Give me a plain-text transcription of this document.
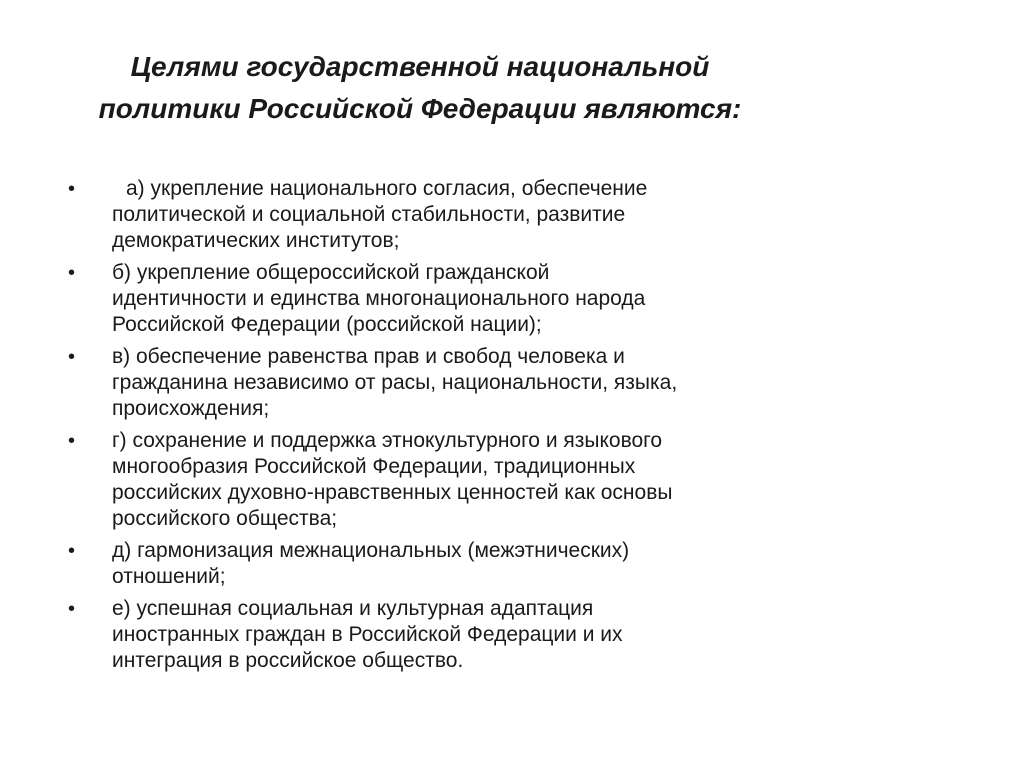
Целями государственной национальной
политики Российской Федерации являются:
•	а) укрепление национального согласия, обеспечение
политической и социальной стабильности, развитие
демократических институтов;
•	б) укрепление общероссийской гражданской
идентичности и единства многонационального народа
Российской Федерации (российской нации);
•	в) обеспечение равенства прав и свобод человека и
гражданина независимо от расы, национальности, языка,
происхождения;
•	г) сохранение и поддержка этнокультурного и языкового
многообразия Российской Федерации, традиционных
российских духовно-нравственных ценностей как основы
российского общества;
•	д) гармонизация межнациональных (межэтнических)
отношений;
•	е) успешная социальная и культурная адаптация
иностранных граждан в Российской Федерации и их
интеграция в российское общество.
